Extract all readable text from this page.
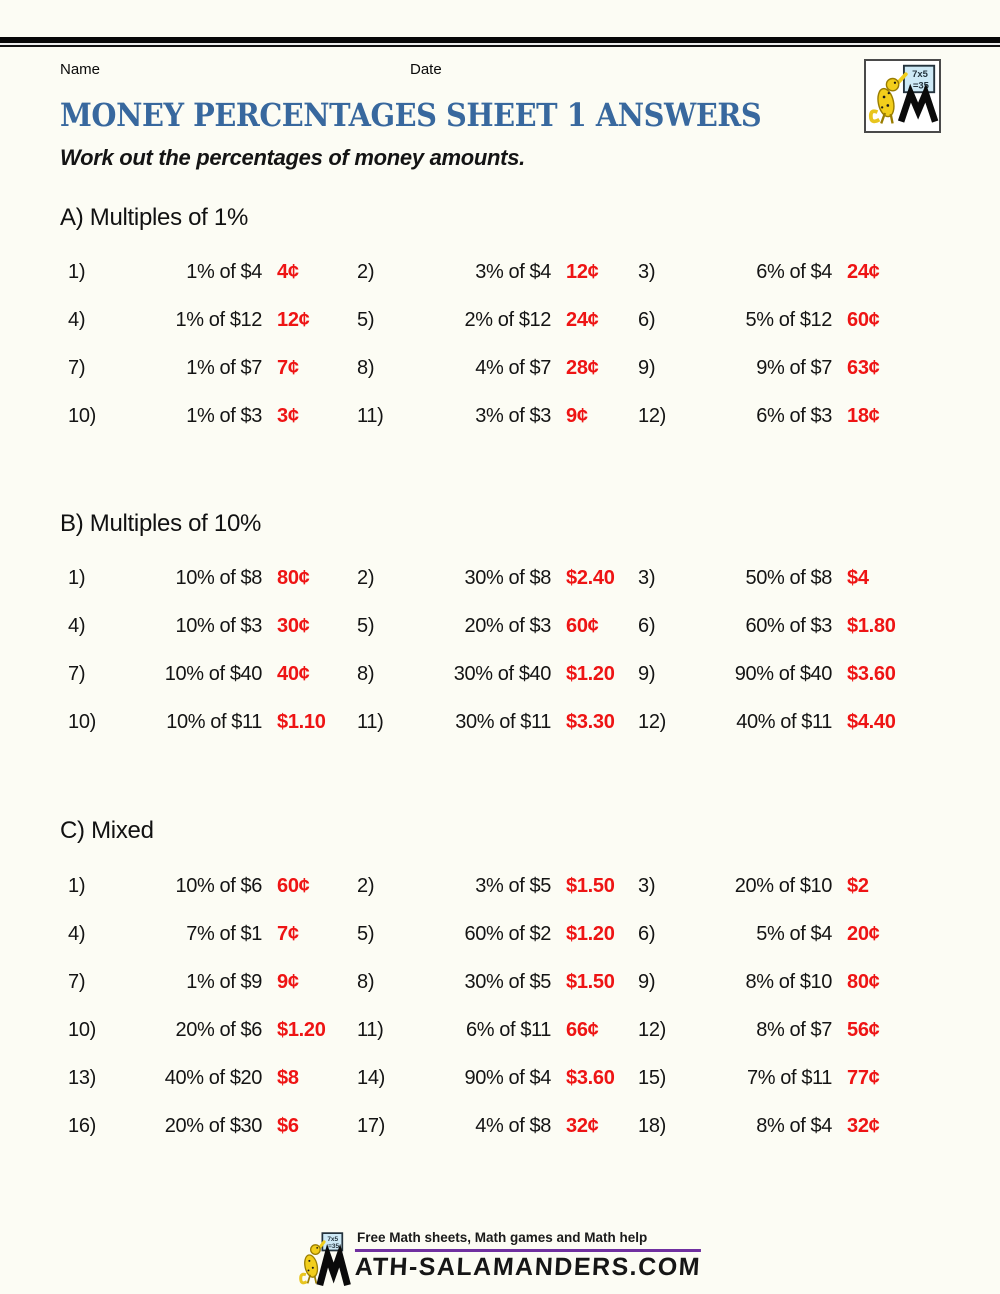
Name	Date	7x5
=35
MONEY PERCENTAGES SHEET 1 ANSWERS

Work out the percentages of money amounts.

A) Multiples of 1%
1)	1% of $4 4¢	2)	3% of $4 12¢	3)	6% of $4 24¢
4)	1% of $12 12¢	5)	2% of $12 24¢	6)	5% of $12 60¢
7)	1% of $7 7¢	8)	4% of $7 28¢	9)	9% of $7 63¢
10)	1% of $3 3¢	11)	3% of $3 9¢	12)	6% of $3 18¢
B) Multiples of 10%
1)	10% of $8 80¢	2)	30% of $8 $2.40	3)	50% of $8 $4
4)	10% of $3 30¢	5)	20% of $3 60¢	6)	60% of $3 $1.80
7)	10% of $40 40¢	8)	30% of $40 $1.20	9)	90% of $40 $3.60
10)	10% of $11 $1.10	11)	30% of $11 $3.30	12)	40% of $11 $4.40
C) Mixed
1)	10% of $6 60¢	2)	3% of $5 $1.50	3)	20% of $10 $2
4)	7% of $1 7¢	5)	60% of $2 $1.20	6)	5% of $4 20¢
7)	1% of $9 9¢	8)	30% of $5 $1.50	9)	8% of $10 80¢
10)	20% of $6 $1.20	11)	6% of $11 66¢	12)	8% of $7 56¢
13)	40% of $20 $8	14)	90% of $4 $3.60	15)	7% of $11 77¢
16)	20% of $30 $6	17)	4% of $8 32¢	18)	8% of $4 32¢
7x5
=35
Free Math sheets, Math games and Math help
ATH-SALAMANDERS.COM
